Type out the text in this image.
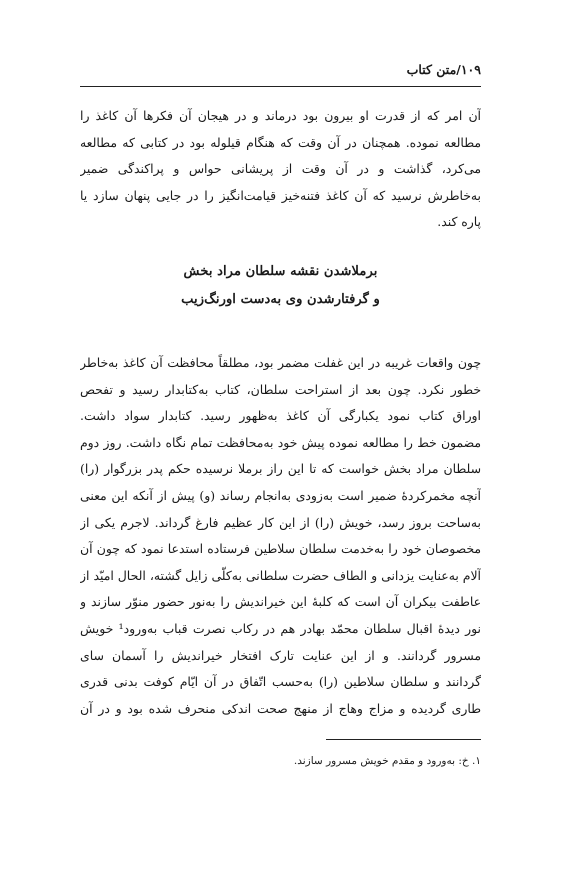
۱۰۹/متن کتاب
آن امر که از قدرت او بیرون بود درماند و در هیجان آن فکرها آن کاغذ را
مطالعه نموده. همچنان در آن وقت که هنگام قیلوله بود در کتابی که مطالعه
می‌کرد، گذاشت و در آن وقت از پریشانی حواس و پراکندگی ضمیر
به‌خاطرش نرسید که آن کاغذ فتنه‌خیز قیامت‌انگیز را در جایی پنهان سازد یا
پاره کند.
برملاشدن نقشه سلطان مراد بخش
و گرفتارشدن وی به‌دست اورنگ‌زیب
چون واقعات غریبه در این غفلت مضمر بود، مطلقاً محافظت آن کاغذ به‌خاطر
خطور نکرد. چون بعد از استراحت سلطان، کتاب به‌کتابدار رسید و تفحص
اوراق کتاب نمود یکبارگی آن کاغذ به‌ظهور رسید. کتابدار سواد داشت.
مضمون خط را مطالعه نموده پیش خود به‌محافظت تمام نگاه داشت. روز دوم
سلطان مراد بخش خواست که تا این راز برملا نرسیده حکم پدر بزرگوار (را)
آنچه مخمرکردهٔ ضمیر است به‌زودی به‌انجام رساند (و) پیش از آنکه این معنی
به‌ساحت بروز رسد، خویش (را) از این کار عظیم فارغ گرداند. لاجرم یکی از
مخصوصان خود را به‌خدمت سلطان سلاطین فرستاده استدعا نمود که چون آن
آلام به‌عنایت یزدانی و الطاف حضرت سلطانی به‌کلّی زایل گشته، الحال امیّد از
عاطفت بیکران آن است که کلبهٔ این خیراندیش را به‌نور حضور منوّر سازند و
نور دیدهٔ اقبال سلطان محمّد بهادر هم در رکاب نصرت قباب به‌ورود¹ خویش
مسرور گردانند. و از این عنایت تارک افتخار خیراندیش را آسمان سای
گردانند و سلطان سلاطین (را) به‌حسب اتّفاق در آن ایّام کوفت بدنی قدری
طاری گردیده و مزاج وهاج از منهج صحت اندکی منحرف شده بود و در آن
۱. خ: به‌ورود و مقدم خویش مسرور سازند.
